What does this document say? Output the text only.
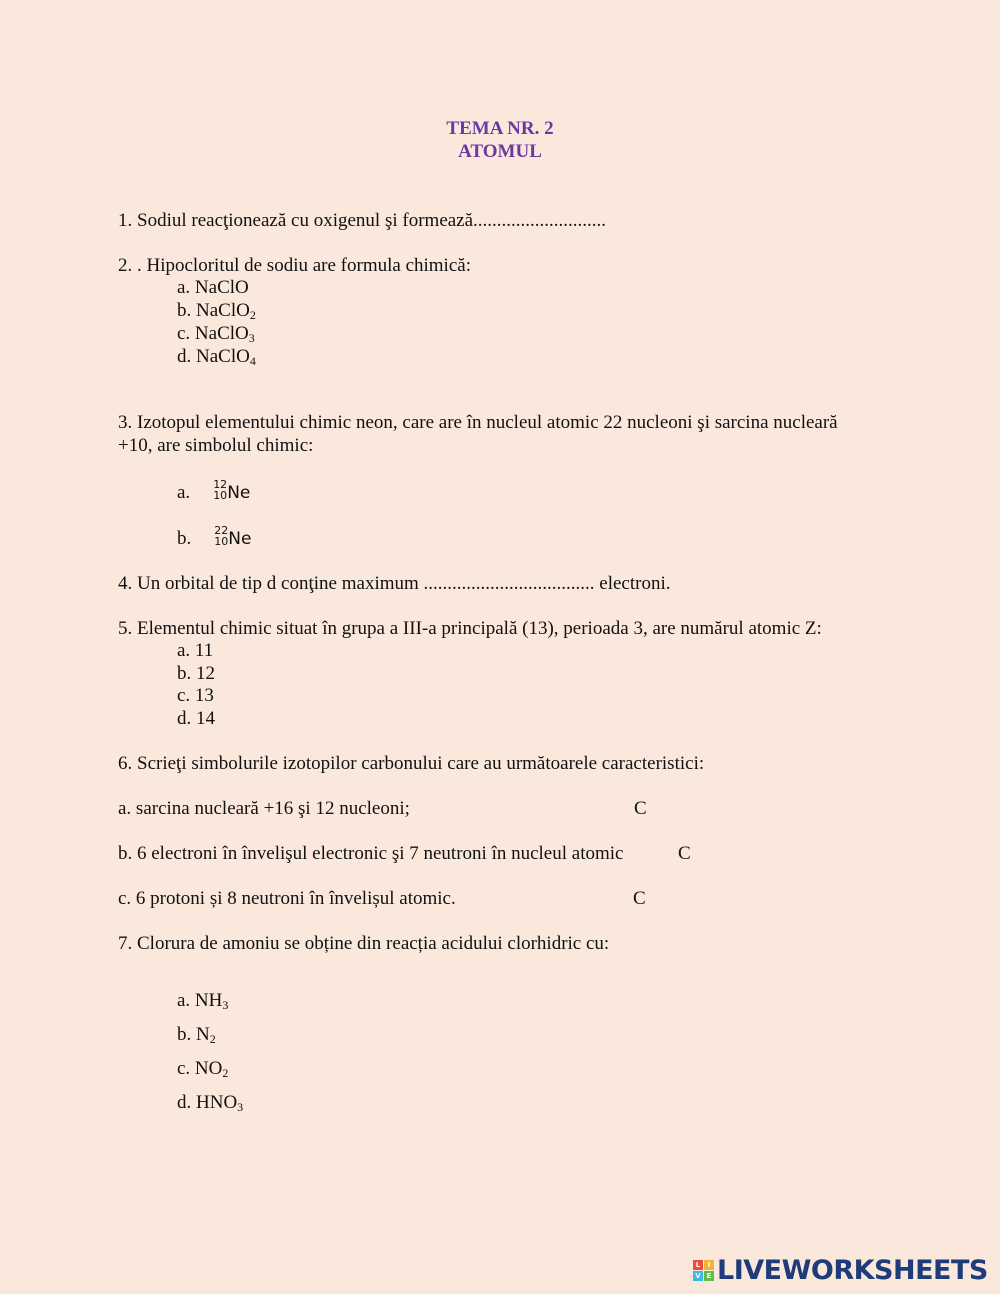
TEMA NR. 2
ATOMUL
1. Sodiul reacţionează cu oxigenul şi formează............................
2. . Hipocloritul de sodiu are formula chimică:
a. NaClO
b. NaClO$_2$
c. NaClO$_3$
d. NaClO$_4$
3. Izotopul elementului chimic neon, care are în nucleul atomic 22 nucleoni şi sarcina nucleară
+10, are simbolul chimic:
a. 12
10 Ne
b. 22
10 Ne
4. Un orbital de tip d conţine maximum .................................... electroni.
5. Elementul chimic situat în grupa a III-a principală (13), perioada 3, are numărul atomic Z:
a. 11
b. 12
c. 13
d. 14
6. Scrieţi simbolurile izotopilor carbonului care au următoarele caracteristici:
a. sarcina nucleară +16 şi 12 nucleoni;	C
b. 6 electroni în învelişul electronic şi 7 neutroni în nucleul atomic	C
c. 6 protoni și 8 neutroni în învelișul atomic.	C
7. Clorura de amoniu se obține din reacția acidului clorhidric cu:
a. $NH_3$
b. $N_2$
c. $NO_2$
d. $HNO_3$
L	I
V E LIVEWORKSHEETS
